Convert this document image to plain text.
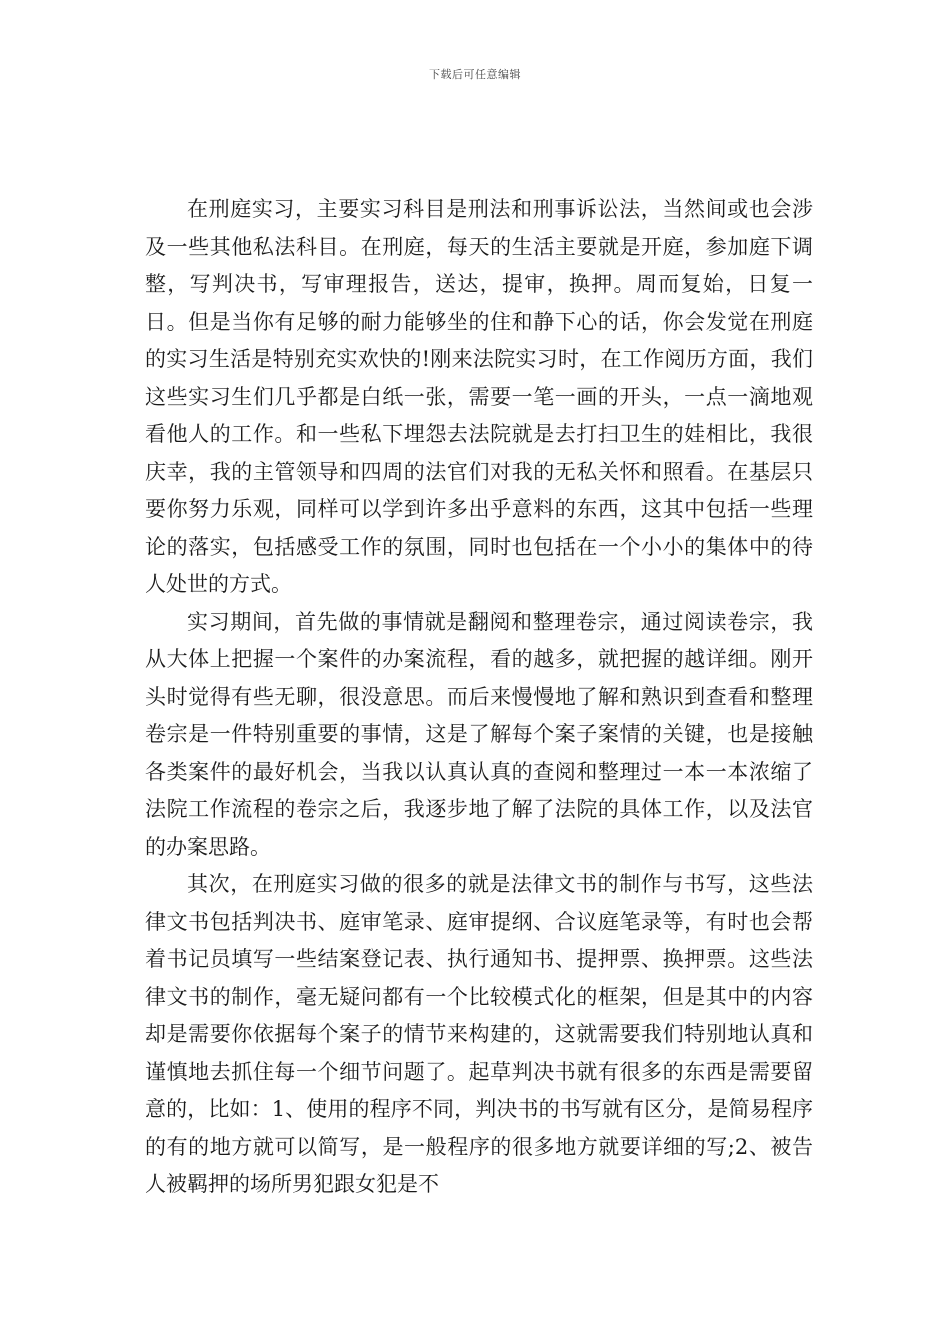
下载后可任意编辑

在刑庭实习，主要实习科目是刑法和刑事诉讼法，当然间或也会涉及一些其他私法科目。在刑庭，每天的生活主要就是开庭，参加庭下调整，写判决书，写审理报告，送达，提审，换押。周而复始，日复一日。但是当你有足够的耐力能够坐的住和静下心的话，你会发觉在刑庭的实习生活是特别充实欢快的!刚来法院实习时，在工作阅历方面，我们这些实习生们几乎都是白纸一张，需要一笔一画的开头，一点一滴地观看他人的工作。和一些私下埋怨去法院就是去打扫卫生的娃相比，我很庆幸，我的主管领导和四周的法官们对我的无私关怀和照看。在基层只要你努力乐观，同样可以学到许多出乎意料的东西，这其中包括一些理论的落实，包括感受工作的氛围，同时也包括在一个小小的集体中的待人处世的方式。

实习期间，首先做的事情就是翻阅和整理卷宗，通过阅读卷宗，我从大体上把握一个案件的办案流程，看的越多，就把握的越详细。刚开头时觉得有些无聊，很没意思。而后来慢慢地了解和熟识到查看和整理卷宗是一件特别重要的事情，这是了解每个案子案情的关键，也是接触各类案件的最好机会，当我以认真认真的查阅和整理过一本一本浓缩了法院工作流程的卷宗之后，我逐步地了解了法院的具体工作，以及法官的办案思路。

其次，在刑庭实习做的很多的就是法律文书的制作与书写，这些法律文书包括判决书、庭审笔录、庭审提纲、合议庭笔录等，有时也会帮着书记员填写一些结案登记表、执行通知书、提押票、换押票。这些法律文书的制作，毫无疑问都有一个比较模式化的框架，但是其中的内容却是需要你依据每个案子的情节来构建的，这就需要我们特别地认真和谨慎地去抓住每一个细节问题了。起草判决书就有很多的东西是需要留意的，比如：1、使用的程序不同，判决书的书写就有区分，是简易程序的有的地方就可以简写，是一般程序的很多地方就要详细的写;2、被告人被羁押的场所男犯跟女犯是不
